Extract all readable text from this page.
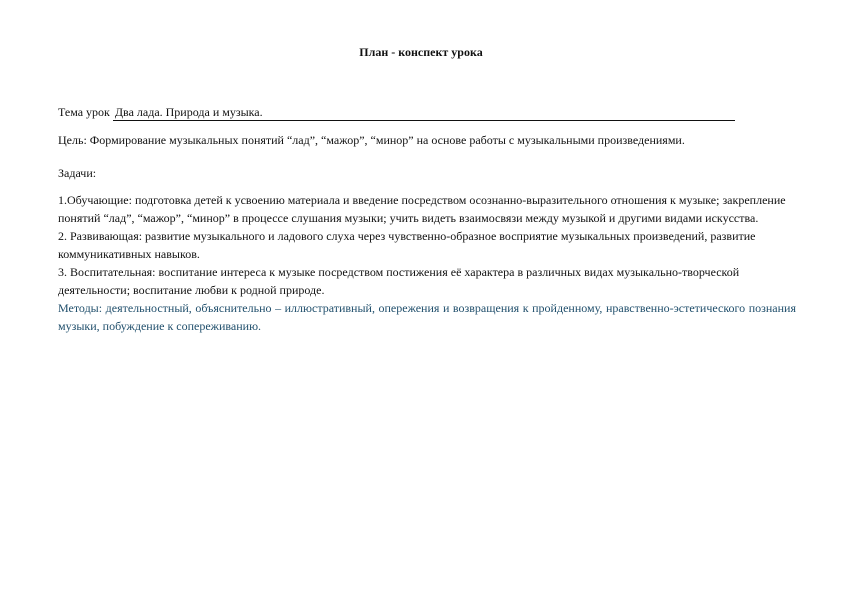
План - конспект урока
Тема урок Два лада. Природа и музыка.
Цель: Формирование музыкальных понятий “лад”, “мажор”, “минор” на основе работы с музыкальными произведениями.
Задачи:

1.Обучающие: подготовка детей к усвоению материала и введение посредством осознанно-выразительного отношения к музыке; закрепление понятий “лад”, “мажор”, “минор” в процессе слушания музыки; учить видеть взаимосвязи между музыкой и другими видами искусства.

2. Развивающая: развитие музыкального и ладового слуха через чувственно-образное восприятие музыкальных произведений, развитие коммуникативных навыков.

3. Воспитательная: воспитание интереса к музыке посредством постижения её характера в различных видах музыкально-творческой деятельности; воспитание любви к родной природе.

Методы: деятельностный, объяснительно – иллюстративный, опережения и возвращения к пройденному, нравственно-эстетического познания музыки, побуждение к сопереживанию.
